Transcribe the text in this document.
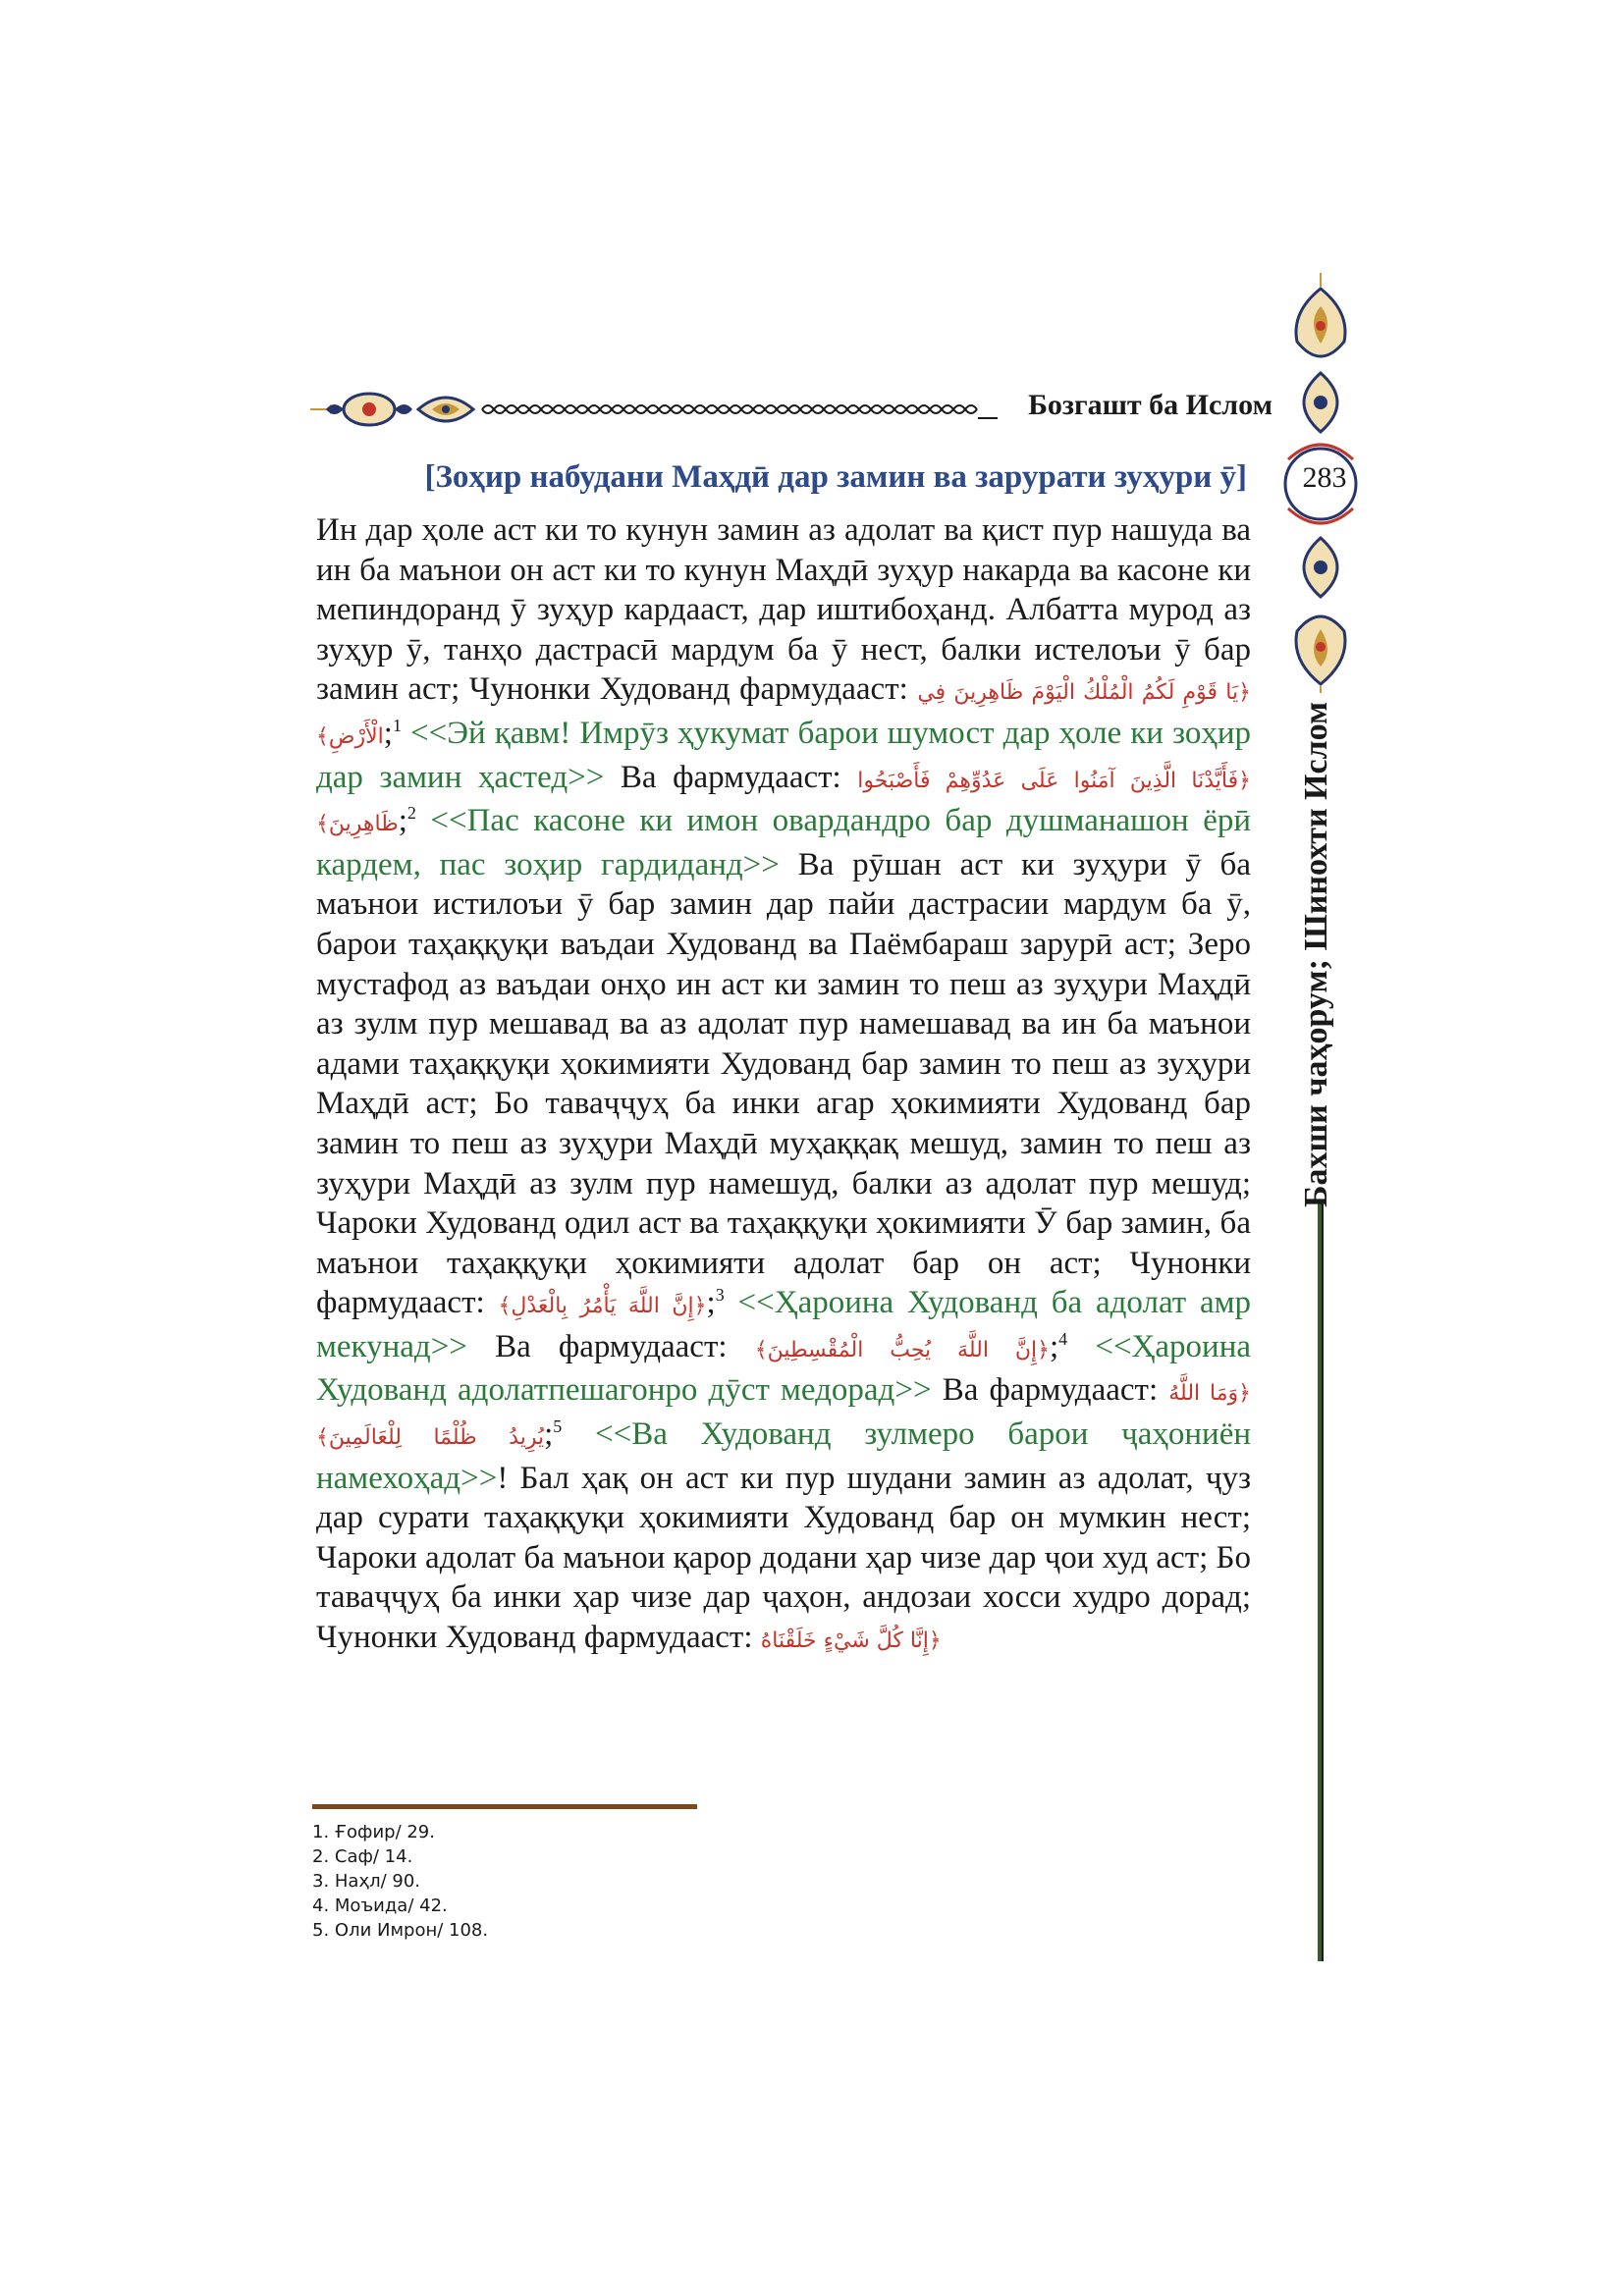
Бозгашт ба Ислом
283
Бахши чаҳорум; Шинохти Ислом
[Зоҳир набудани Маҳдӣ дар замин ва зарурати зуҳури ӯ]
Ин дар ҳоле аст ки то кунун замин аз адолат ва қист пур нашуда ва ин ба маънои он аст ки то кунун Маҳдӣ зуҳур накарда ва касоне ки мепиндоранд ӯ зуҳур кардааст, дар иштибоҳанд. Албатта мурод аз зуҳур ӯ, танҳо дастрасӣ мардум ба ӯ нест, балки истелоъи ӯ бар замин аст; Чунонки Худованд фармудааст: ﴿يَا قَوْمِ لَكُمُ الْمُلْكُ الْيَوْمَ ظَاهِرِينَ فِي الْأَرْضِ﴾;$^1$ <<Эй қавм! Имрӯз ҳукумат барои шумост дар ҳоле ки зоҳир дар замин ҳастед>> Ва фармудааст: ﴿فَأَيَّدْنَا الَّذِينَ آمَنُوا عَلَى عَدُوِّهِمْ فَأَصْبَحُوا ظَاهِرِينَ﴾;$^2$ <<Пас касоне ки имон овардандро бар душманашон ёрӣ кардем, пас зоҳир гардиданд>> Ва рӯшан аст ки зуҳури ӯ ба маънои истилоъи ӯ бар замин дар пайи дастрасии мардум ба ӯ, барои таҳаққуқи ваъдаи Худованд ва Паёмбараш зарурӣ аст; Зеро мустафод аз ваъдаи онҳо ин аст ки замин то пеш аз зуҳури Маҳдӣ аз зулм пур мешавад ва аз адолат пур намешавад ва ин ба маънои адами таҳаққуқи ҳокимияти Худованд бар замин то пеш аз зуҳури Маҳдӣ аст; Бо таваҷҷуҳ ба инки агар ҳокимияти Худованд бар замин то пеш аз зуҳури Маҳдӣ муҳаққақ мешуд, замин то пеш аз зуҳури Маҳдӣ аз зулм пур намешуд, балки аз адолат пур мешуд; Чароки Худованд одил аст ва таҳаққуқи ҳокимияти Ӯ бар замин, ба маънои таҳаққуқи ҳокимияти адолат бар он аст; Чунонки фармудааст: ﴿إِنَّ اللَّهَ يَأْمُرُ بِالْعَدْلِ﴾;$^3$ <<Ҳароина Худованд ба адолат амр мекунад>> Ва фармудааст: ﴿إِنَّ اللَّهَ يُحِبُّ الْمُقْسِطِينَ﴾;$^4$ <<Ҳароина Худованд адолатпешагонро дӯст медорад>> Ва фармудааст: ﴿وَمَا اللَّهُ يُرِيدُ ظُلْمًا لِلْعَالَمِينَ﴾;$^5$ <<Ва Худованд зулмеро барои ҷаҳониён намехоҳад>>! Бал ҳақ он аст ки пур шудани замин аз адолат, ҷуз дар сурати таҳаққуқи ҳокимияти Худованд бар он мумкин нест; Чароки адолат ба маънои қарор додани ҳар чизе дар ҷои худ аст; Бо таваҷҷуҳ ба инки ҳар чизе дар ҷаҳон, андозаи хосси худро дорад; Чунонки Худованд фармудааст: ﴿إِنَّا كُلَّ شَيْءٍ خَلَقْنَاهُ
1. Ғофир/ 29.
2. Саф/ 14.
3. Наҳл/ 90.
4. Моъида/ 42.
5. Оли Имрон/ 108.
